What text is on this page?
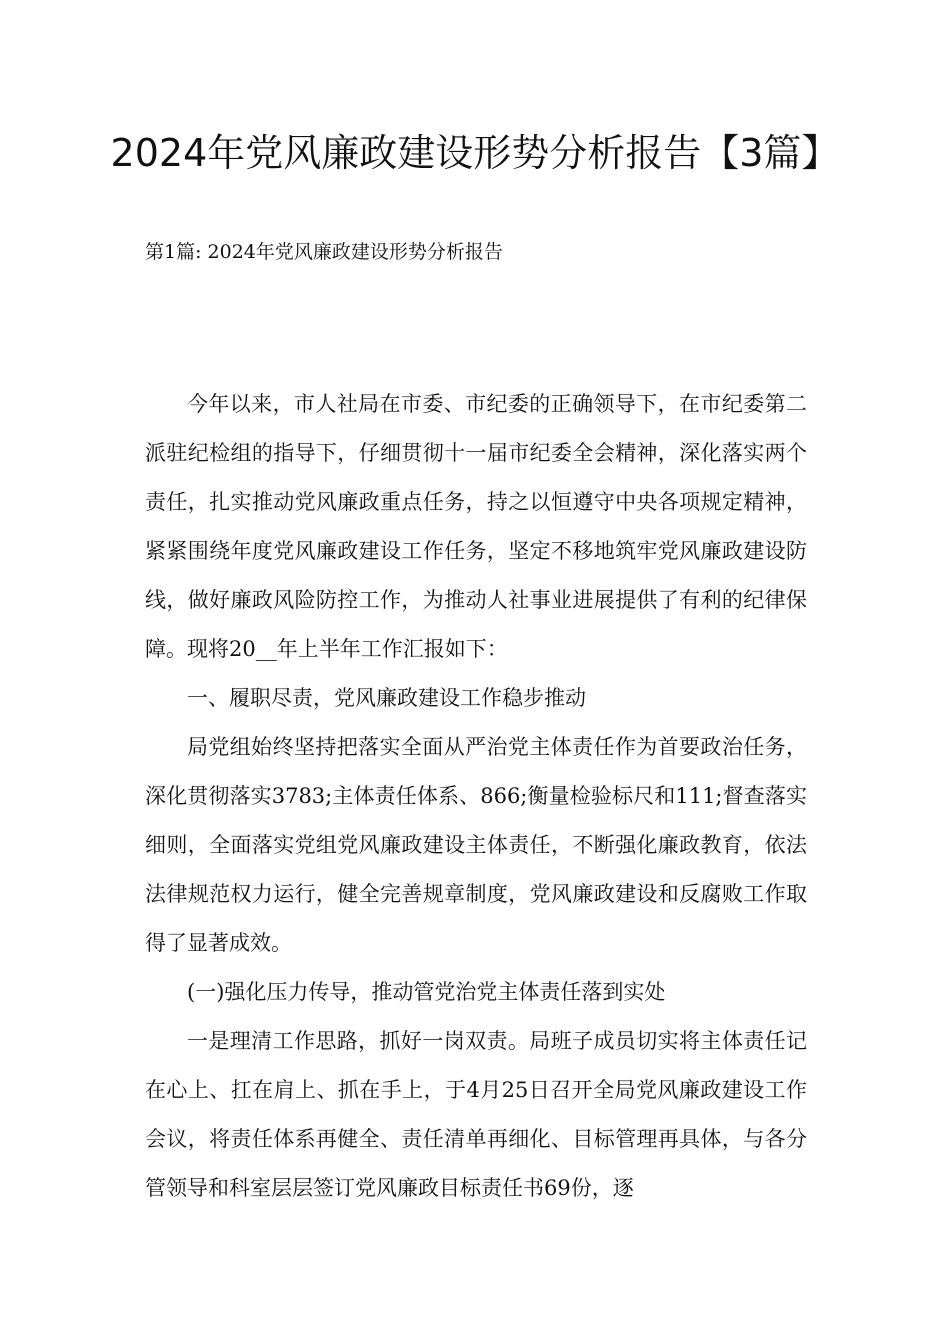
2024年党风廉政建设形势分析报告【3篇】

第1篇: 2024年党风廉政建设形势分析报告

今年以来，市人社局在市委、市纪委的正确领导下，在市纪委第二派驻纪检组的指导下，仔细贯彻十一届市纪委全会精神，深化落实两个责任，扎实推动党风廉政重点任务，持之以恒遵守中央各项规定精神，紧紧围绕年度党风廉政建设工作任务，坚定不移地筑牢党风廉政建设防线，做好廉政风险防控工作，为推动人社事业进展提供了有利的纪律保障。现将20__年上半年工作汇报如下：

一、履职尽责，党风廉政建设工作稳步推动

局党组始终坚持把落实全面从严治党主体责任作为首要政治任务，深化贯彻落实3783;主体责任体系、866;衡量检验标尺和111;督查落实细则，全面落实党组党风廉政建设主体责任，不断强化廉政教育，依法法律规范权力运行，健全完善规章制度，党风廉政建设和反腐败工作取得了显著成效。

(一)强化压力传导，推动管党治党主体责任落到实处

一是理清工作思路，抓好一岗双责。局班子成员切实将主体责任记在心上、扛在肩上、抓在手上，于4月25日召开全局党风廉政建设工作会议，将责任体系再健全、责任清单再细化、目标管理再具体，与各分管领导和科室层层签订党风廉政目标责任书69份，逐
